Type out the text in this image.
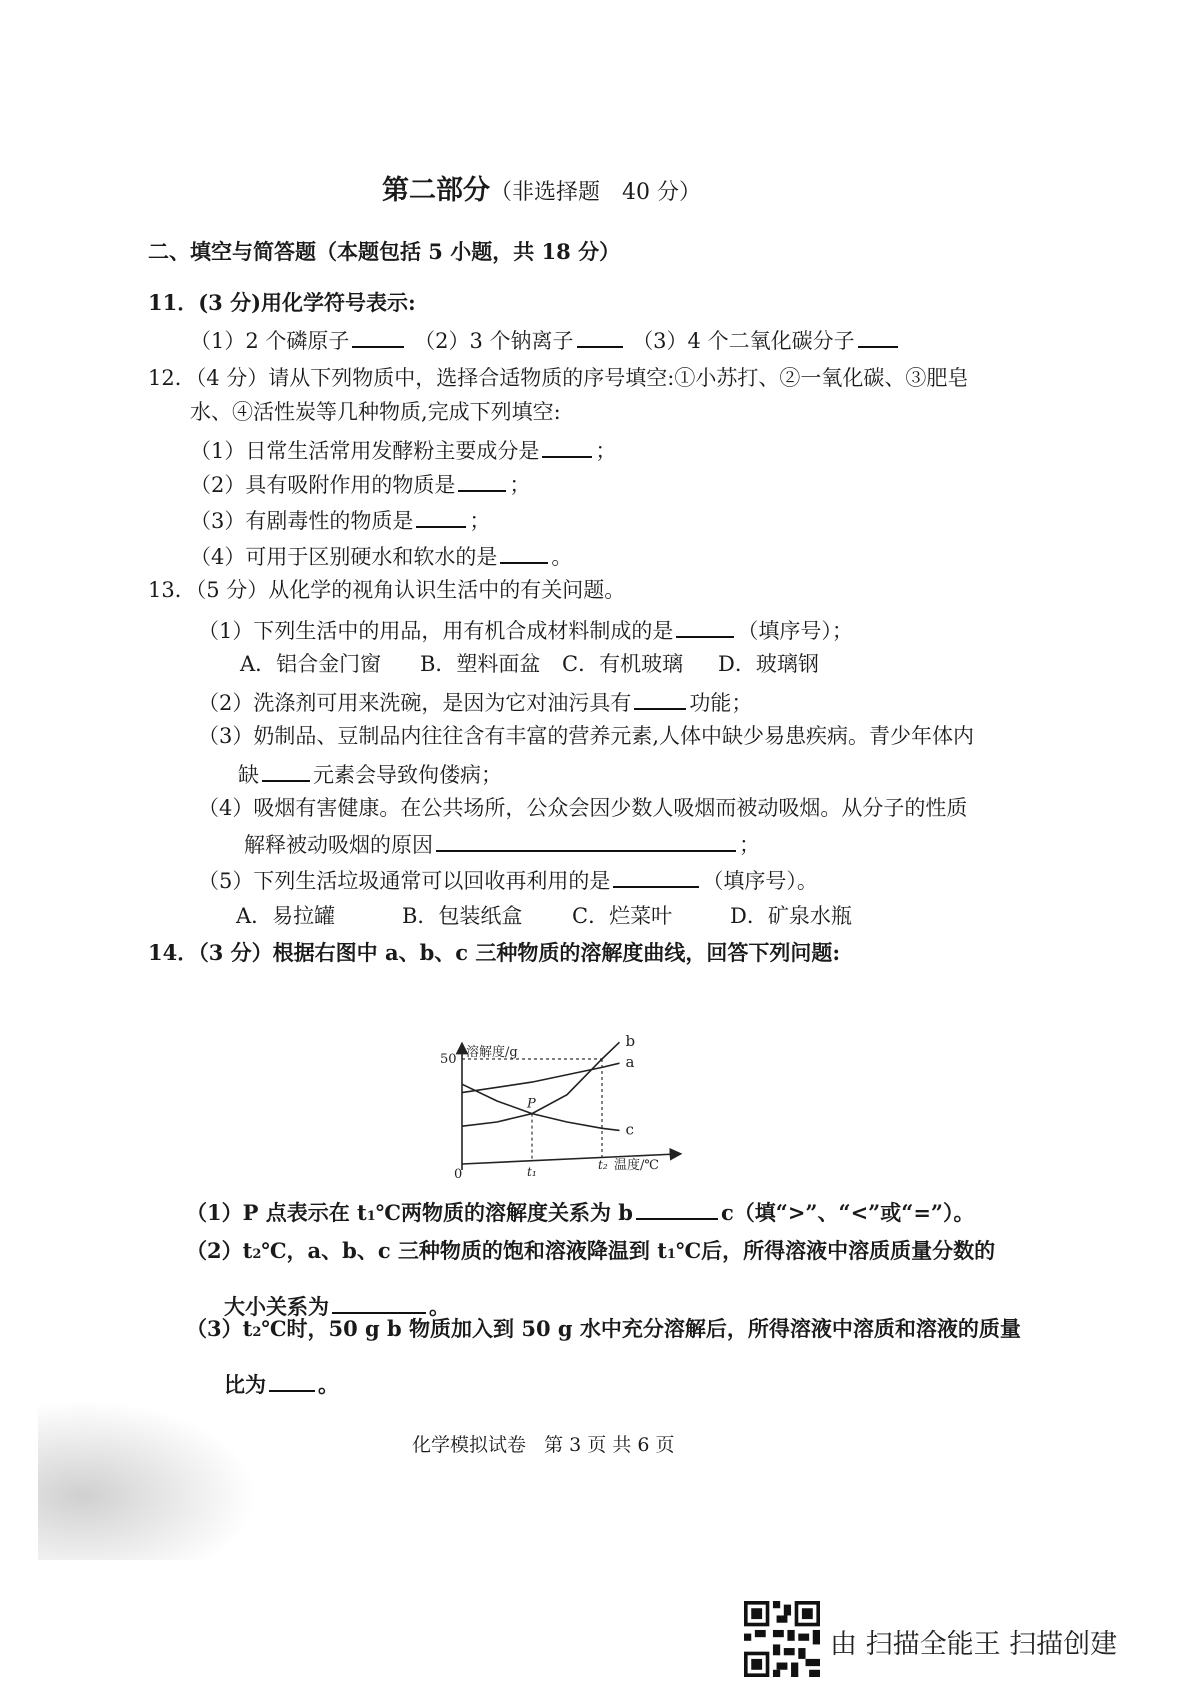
第二部分（非选择题　40 分）
二、填空与简答题（本题包括 5 小题，共 18 分）
11．(3 分)用化学符号表示:
（1）2 个磷原子	（2）3 个钠离子	（3）4 个二氧化碳分子
12．（4 分）请从下列物质中，选择合适物质的序号填空:①小苏打、②一氧化碳、③肥皂
水、④活性炭等几种物质,完成下列填空:
（1）日常生活常用发酵粉主要成分是	；
（2）具有吸附作用的物质是	；
（3）有剧毒性的物质是	；
（4）可用于区别硬水和软水的是	。
13．（5 分）从化学的视角认识生活中的有关问题。
（1）下列生活中的用品，用有机合成材料制成的是	（填序号）；
A．铝合金门窗 B．塑料面盆 C．有机玻璃 D．玻璃钢
（2）洗涤剂可用来洗碗，是因为它对油污具有	功能；
（3）奶制品、豆制品内往往含有丰富的营养元素,人体中缺少易患疾病。青少年体内
缺	元素会导致佝偻病；
（4）吸烟有害健康。在公共场所，公众会因少数人吸烟而被动吸烟。从分子的性质
解释被动吸烟的原因	；
（5）下列生活垃圾通常可以回收再利用的是	（填序号）。
A．易拉罐	B．包装纸盒 C．烂菜叶	D．矿泉水瓶
14．（3 分）根据右图中 a、b、c 三种物质的溶解度曲线，回答下列问题:
a
b
c
溶解度/g
50
0	t₁	t₂ 温度/℃
P
（1）P 点表示在 t1℃两物质的溶解度关系为 b	c（填“>”、“<”或“=”）。
（2）t2℃，a、b、c 三种物质的饱和溶液降温到 t1℃后，所得溶液中溶质质量分数的
大小关系为	。
（3）t2℃时，50 g b 物质加入到 50 g 水中充分溶解后，所得溶液中溶质和溶液的质量
比为 。
化学模拟试卷 第 3 页 共 6 页
由 扫描全能王 扫描创建
